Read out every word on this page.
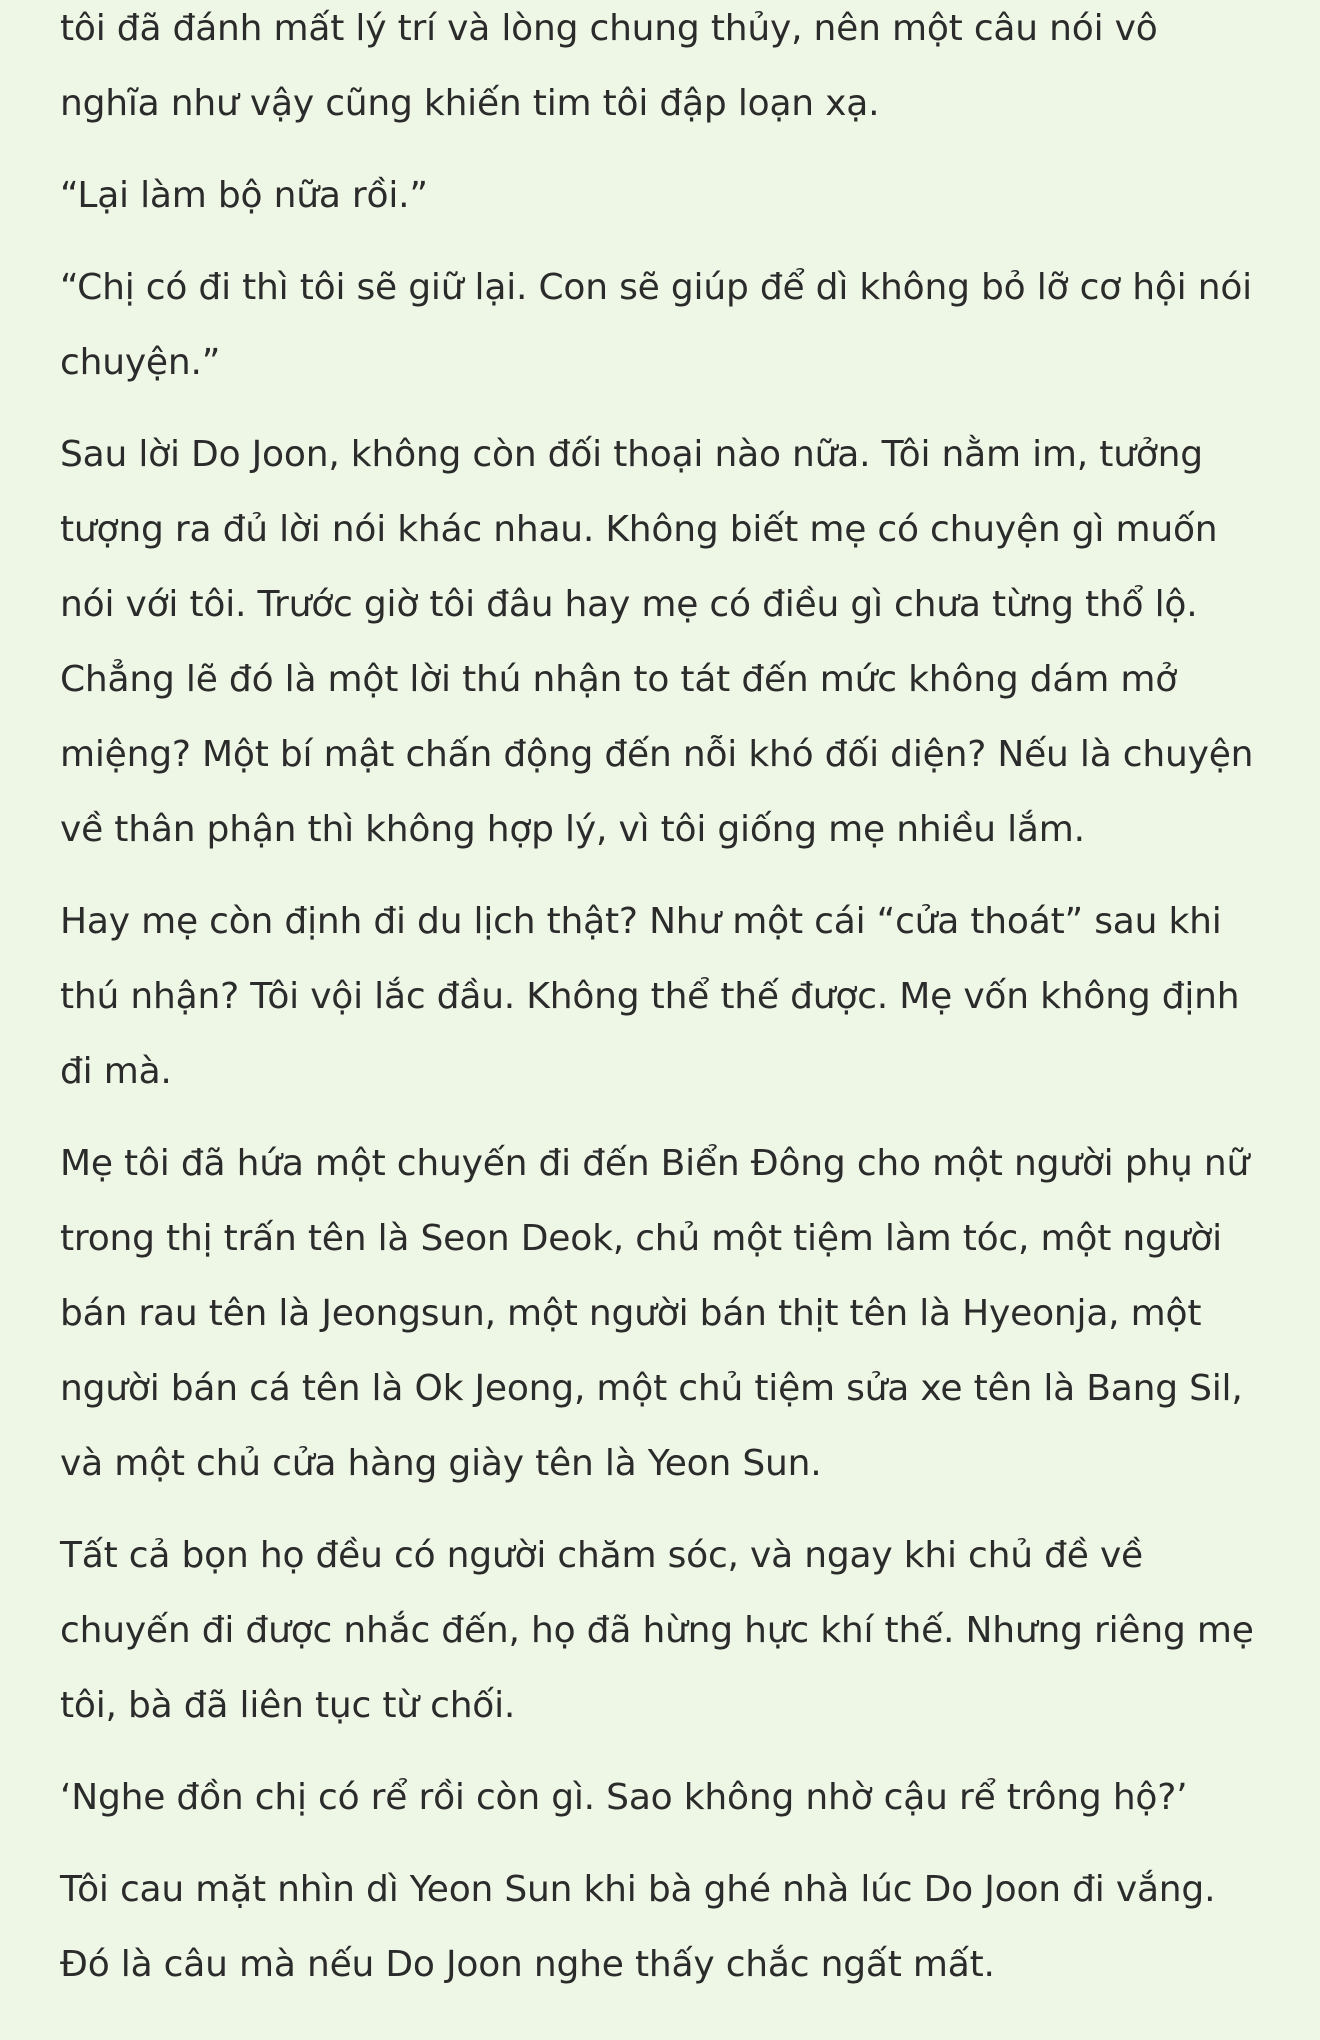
tôi đã đánh mất lý trí và lòng chung thủy, nên một câu nói vô nghĩa như vậy cũng khiến tim tôi đập loạn xạ.

“Lại làm bộ nữa rồi.”

“Chị có đi thì tôi sẽ giữ lại. Con sẽ giúp để dì không bỏ lỡ cơ hội nói chuyện.”

Sau lời Do Joon, không còn đối thoại nào nữa. Tôi nằm im, tưởng tượng ra đủ lời nói khác nhau. Không biết mẹ có chuyện gì muốn nói với tôi. Trước giờ tôi đâu hay mẹ có điều gì chưa từng thổ lộ. Chẳng lẽ đó là một lời thú nhận to tát đến mức không dám mở miệng? Một bí mật chấn động đến nỗi khó đối diện? Nếu là chuyện về thân phận thì không hợp lý, vì tôi giống mẹ nhiều lắm.

Hay mẹ còn định đi du lịch thật? Như một cái “cửa thoát” sau khi thú nhận? Tôi vội lắc đầu. Không thể thế được. Mẹ vốn không định đi mà.

Mẹ tôi đã hứa một chuyến đi đến Biển Đông cho một người phụ nữ trong thị trấn tên là Seon Deok, chủ một tiệm làm tóc, một người bán rau tên là Jeongsun, một người bán thịt tên là Hyeonja, một người bán cá tên là Ok Jeong, một chủ tiệm sửa xe tên là Bang Sil, và một chủ cửa hàng giày tên là Yeon Sun.

Tất cả bọn họ đều có người chăm sóc, và ngay khi chủ đề về chuyến đi được nhắc đến, họ đã hừng hực khí thế. Nhưng riêng mẹ tôi, bà đã liên tục từ chối.

‘Nghe đồn chị có rể rồi còn gì. Sao không nhờ cậu rể trông hộ?’

Tôi cau mặt nhìn dì Yeon Sun khi bà ghé nhà lúc Do Joon đi vắng. Đó là câu mà nếu Do Joon nghe thấy chắc ngất mất.
